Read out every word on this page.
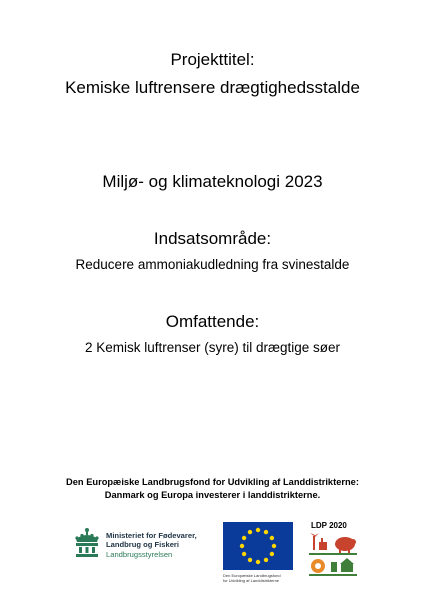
Projekttitel:
Kemiske luftrensere drægtighedsstalde
Miljø- og klimateknologi 2023
Indsatsområde:
Reducere ammoniakudledning fra svinestalde
Omfattende:
2 Kemisk luftrenser (syre) til drægtige søer
Den Europæiske Landbrugsfond for Udvikling af Landdistrikterne:
Danmark og Europa investerer i landdistrikterne.
Ministeriet for Fødevarer,
Landbrug og Fiskeri
Landbrugsstyrelsen
Den Europæiske Landbrugsfond
for Udvikling af Landdistrikterne
LDP 2020
